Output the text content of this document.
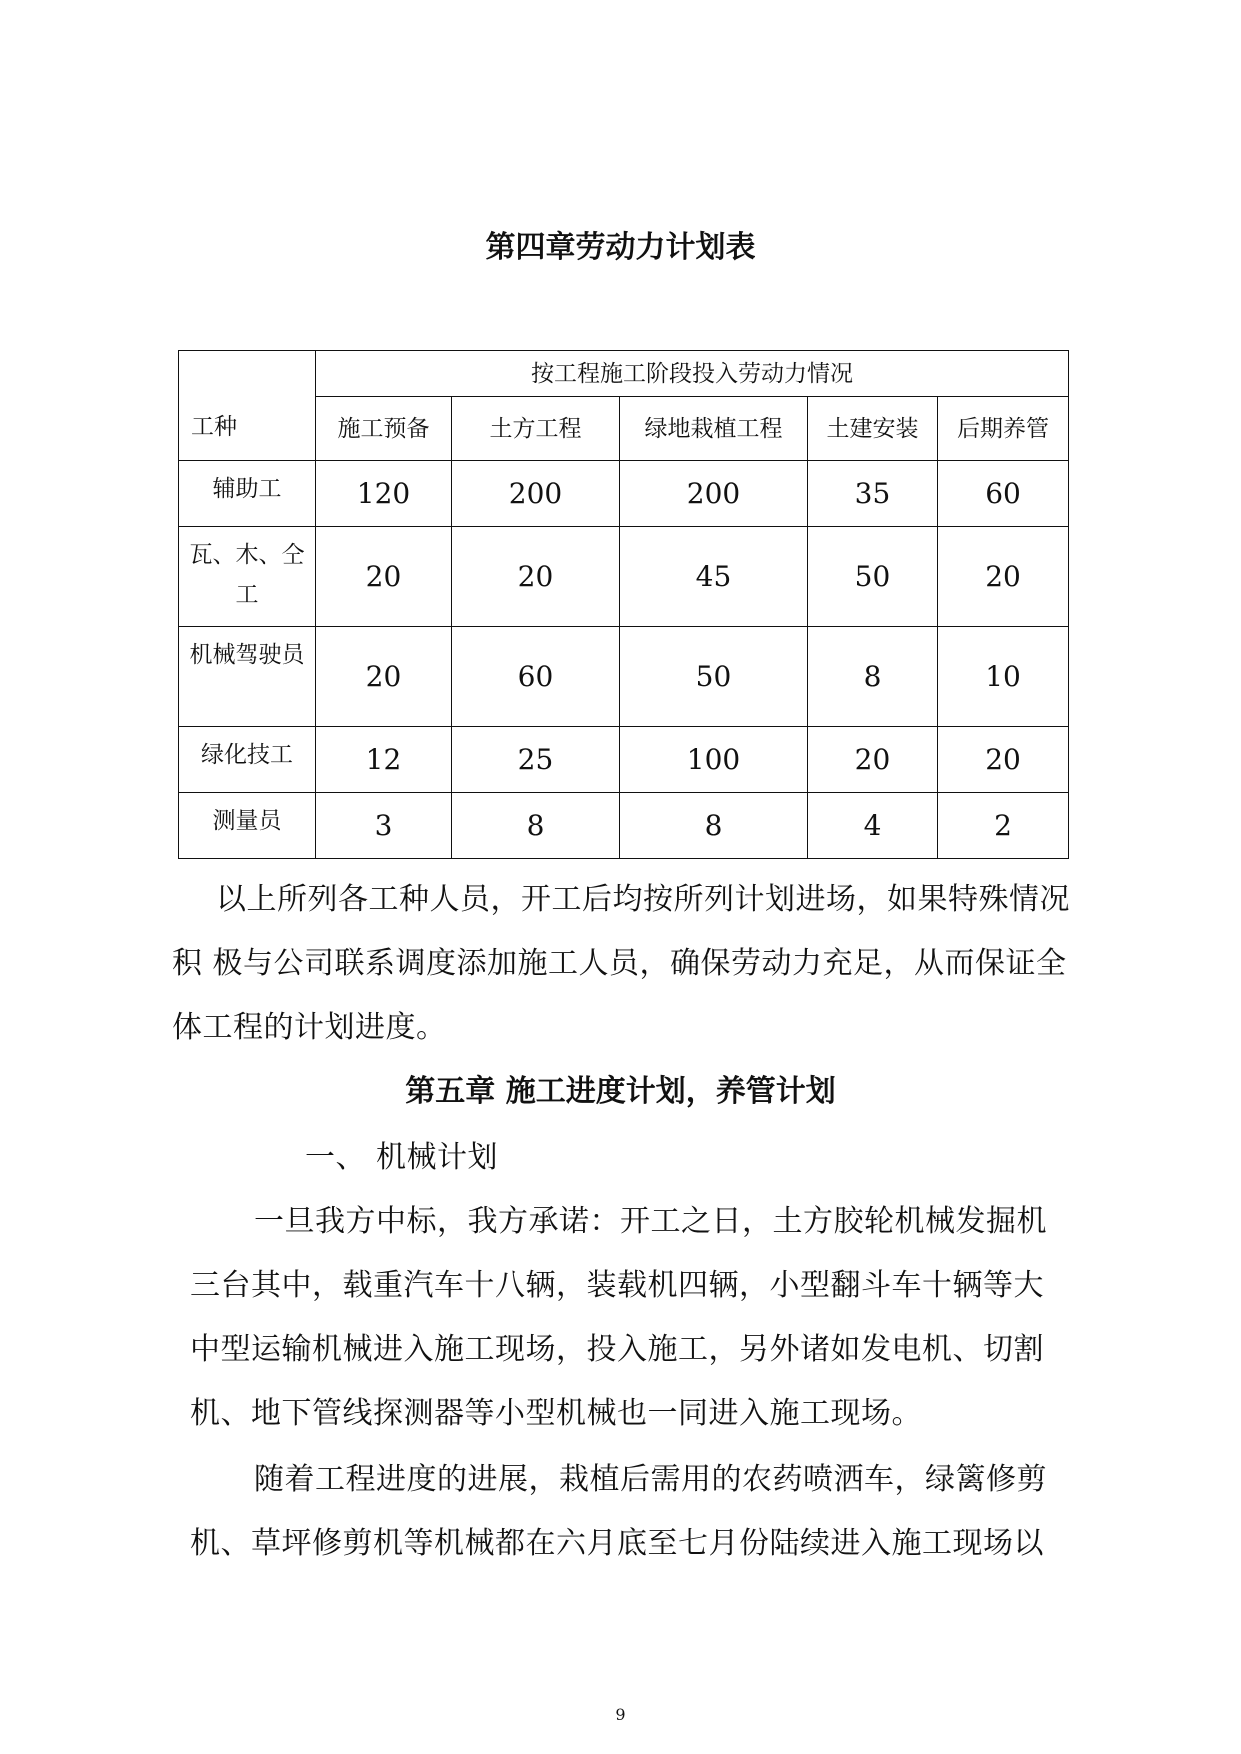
第四章劳动力计划表
工种	按工程施工阶段投入劳动力情况				
	施工预备	土方工程	绿地栽植工程	土建安装	后期养管
辅助工	120	200	200	35	60
瓦、木、仝工	20	20	45	50	20
机械驾驶员	20	60	50	8	10
绿化技工	12	25	100	20	20
测量员	3	8	8	4	2

以上所列各工种人员，开工后均按所列计划进场，如果特殊情况积 极与公司联系调度添加施工人员，确保劳动力充足，从而保证全体工程的计划进度。

第五章 施工进度计划，养管计划

一、 机械计划

一旦我方中标，我方承诺：开工之日，土方胶轮机械发掘机三台其中，载重汽车十八辆，装载机四辆，小型翻斗车十辆等大中型运输机械进入施工现场，投入施工，另外诸如发电机、切割机、地下管线探测器等小型机械也一同进入施工现场。

随着工程进度的进展，栽植后需用的农药喷洒车，绿篱修剪机、草坪修剪机等机械都在六月底至七月份陆续进入施工现场以

9
